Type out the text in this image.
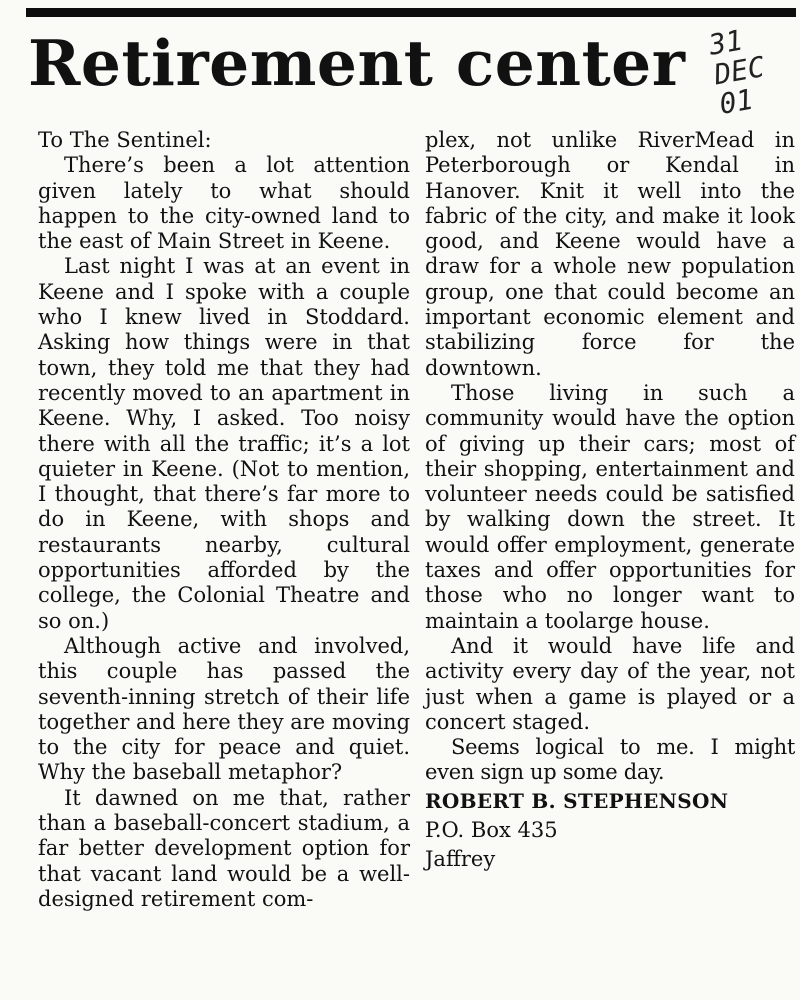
Retirement center 31
DEC
01

To The Sentinel:

There’s been a lot attention given lately to what should happen to the city-owned land to the east of Main Street in Keene.

Last night I was at an event in Keene and I spoke with a couple who I knew lived in Stoddard. Asking how things were in that town, they told me that they had recently moved to an apartment in Keene. Why, I asked. Too noisy there with all the traffic; it’s a lot quieter in Keene. (Not to mention, I thought, that there’s far more to do in Keene, with shops and restaurants nearby, cultural opportunities afforded by the college, the Colonial Theatre and so on.)

Although active and involved, this couple has passed the seventh-inning stretch of their life together and here they are moving to the city for peace and quiet. Why the baseball metaphor?

It dawned on me that, rather than a baseball-concert stadium, a far better development option for that vacant land would be a well-designed retirement com-

plex, not unlike RiverMead in Peterborough or Kendal in Hanover. Knit it well into the fabric of the city, and make it look good, and Keene would have a draw for a whole new population group, one that could become an important economic element and stabilizing force for the downtown.

Those living in such a community would have the option of giving up their cars; most of their shopping, entertainment and volunteer needs could be satisfied by walking down the street. It would offer employment, generate taxes and offer opportunities for those who no longer want to maintain a toolarge house.

And it would have life and activity every day of the year, not just when a game is played or a concert staged.

Seems logical to me. I might even sign up some day.

ROBERT B. STEPHENSON

P.O. Box 435

Jaffrey
